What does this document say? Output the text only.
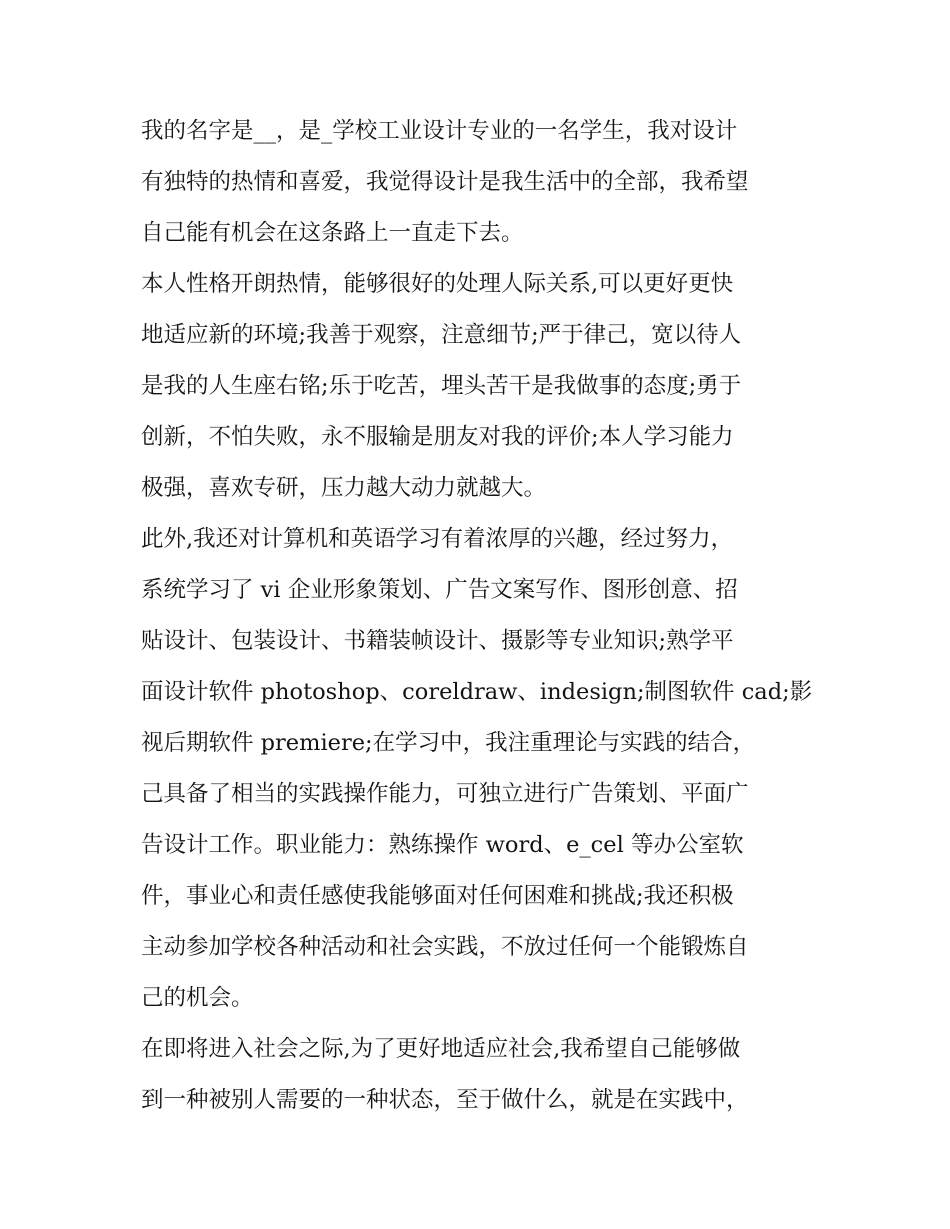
我的名字是__，是_学校工业设计专业的一名学生，我对设计
有独特的热情和喜爱，我觉得设计是我生活中的全部，我希望
自己能有机会在这条路上一直走下去。
本人性格开朗热情，能够很好的处理人际关系,可以更好更快
地适应新的环境;我善于观察，注意细节;严于律己，宽以待人
是我的人生座右铭;乐于吃苦，埋头苦干是我做事的态度;勇于
创新，不怕失败，永不服输是朋友对我的评价;本人学习能力
极强，喜欢专研，压力越大动力就越大。
此外,我还对计算机和英语学习有着浓厚的兴趣，经过努力，
系统学习了 vi 企业形象策划、广告文案写作、图形创意、招
贴设计、包装设计、书籍装帧设计、摄影等专业知识;熟学平
面设计软件 photoshop、coreldraw、indesign;制图软件 cad;影
视后期软件 premiere;在学习中，我注重理论与实践的结合，
己具备了相当的实践操作能力，可独立进行广告策划、平面广
告设计工作。职业能力：熟练操作 word、e_cel 等办公室软
件，事业心和责任感使我能够面对任何困难和挑战;我还积极
主动参加学校各种活动和社会实践，不放过任何一个能锻炼自
己的机会。
在即将进入社会之际,为了更好地适应社会,我希望自己能够做
到一种被别人需要的一种状态，至于做什么，就是在实践中，
